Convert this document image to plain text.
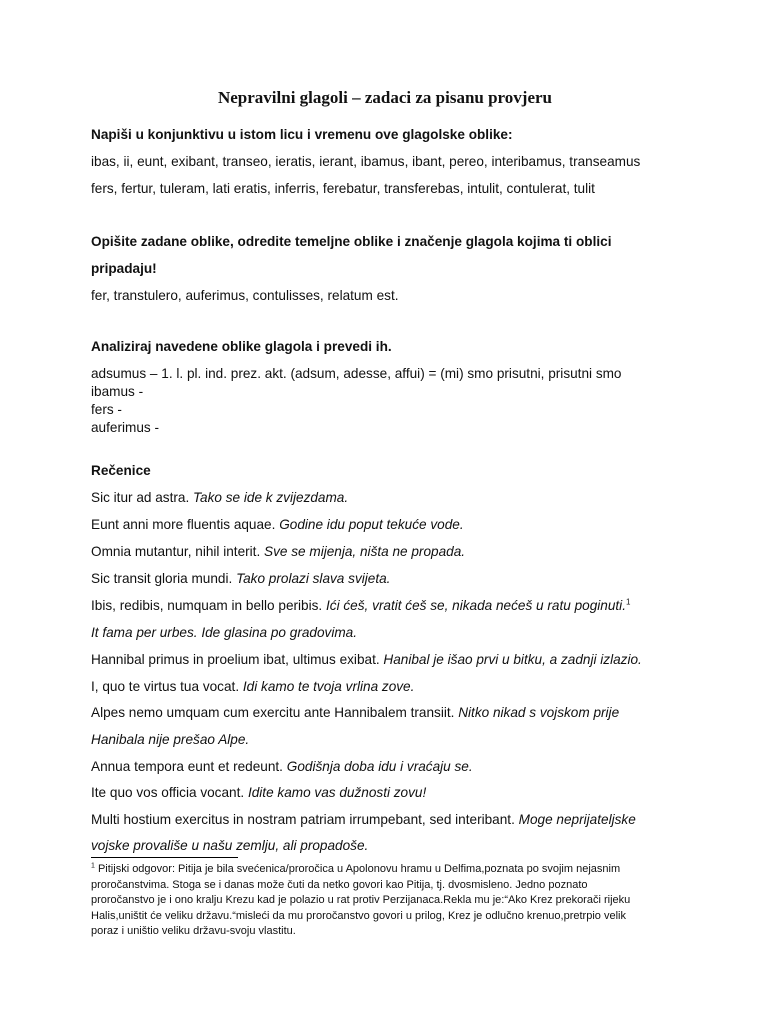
Nepravilni glagoli – zadaci za pisanu provjeru

Napiši u konjunktivu u istom licu i vremenu ove glagolske oblike:

ibas, ii, eunt, exibant, transeo, ieratis, ierant, ibamus, ibant, pereo, interibamus, transeamus

fers, fertur, tuleram, lati eratis, inferris, ferebatur, transferebas, intulit, contulerat, tulit

Opišite zadane oblike, odredite temeljne oblike i značenje glagola kojima ti oblici

pripadaju!

fer, transtulero, auferimus, contulisses, relatum est.

Analiziraj navedene oblike glagola i prevedi ih.

adsumus – 1. l. pl. ind. prez. akt. (adsum, adesse, affui) = (mi) smo prisutni, prisutni smo

ibamus -

fers -

auferimus -

Rečenice

Sic itur ad astra. Tako se ide k zvijezdama.

Eunt anni more fluentis aquae. Godine idu poput tekuće vode.

Omnia mutantur, nihil interit. Sve se mijenja, ništa ne propada.

Sic transit gloria mundi. Tako prolazi slava svijeta.

Ibis, redibis, numquam in bello peribis. Ići ćeš, vratit ćeš se, nikada nećeš u ratu poginuti.$^1$

It fama per urbes. Ide glasina po gradovima.

Hannibal primus in proelium ibat, ultimus exibat. Hanibal je išao prvi u bitku, a zadnji izlazio.

I, quo te virtus tua vocat. Idi kamo te tvoja vrlina zove.

Alpes nemo umquam cum exercitu ante Hannibalem transiit. Nitko nikad s vojskom prije

Hanibala nije prešao Alpe.

Annua tempora eunt et redeunt. Godišnja doba idu i vraćaju se.

Ite quo vos officia vocant. Idite kamo vas dužnosti zovu!

Multi hostium exercitus in nostram patriam irrumpebant, sed interibant. Moge neprijateljske

vojske provališe u našu zemlju, ali propadoše.

$^1$ Pitijski odgovor: Pitija je bila svećenica/proročica u Apolonovu hramu u Delfima,poznata po svojim nejasnim
proročanstvima. Stoga se i danas može čuti da netko govori kao Pitija, tj. dvosmisleno. Jedno poznato
proročanstvo je i ono kralju Krezu kad je polazio u rat protiv Perzijanaca.Rekla mu je:“Ako Krez prekorači rijeku
Halis,uništit će veliku državu.“misleći da mu proročanstvo govori u prilog, Krez je odlučno krenuo,pretrpio velik
poraz i uništio veliku državu-svoju vlastitu.
